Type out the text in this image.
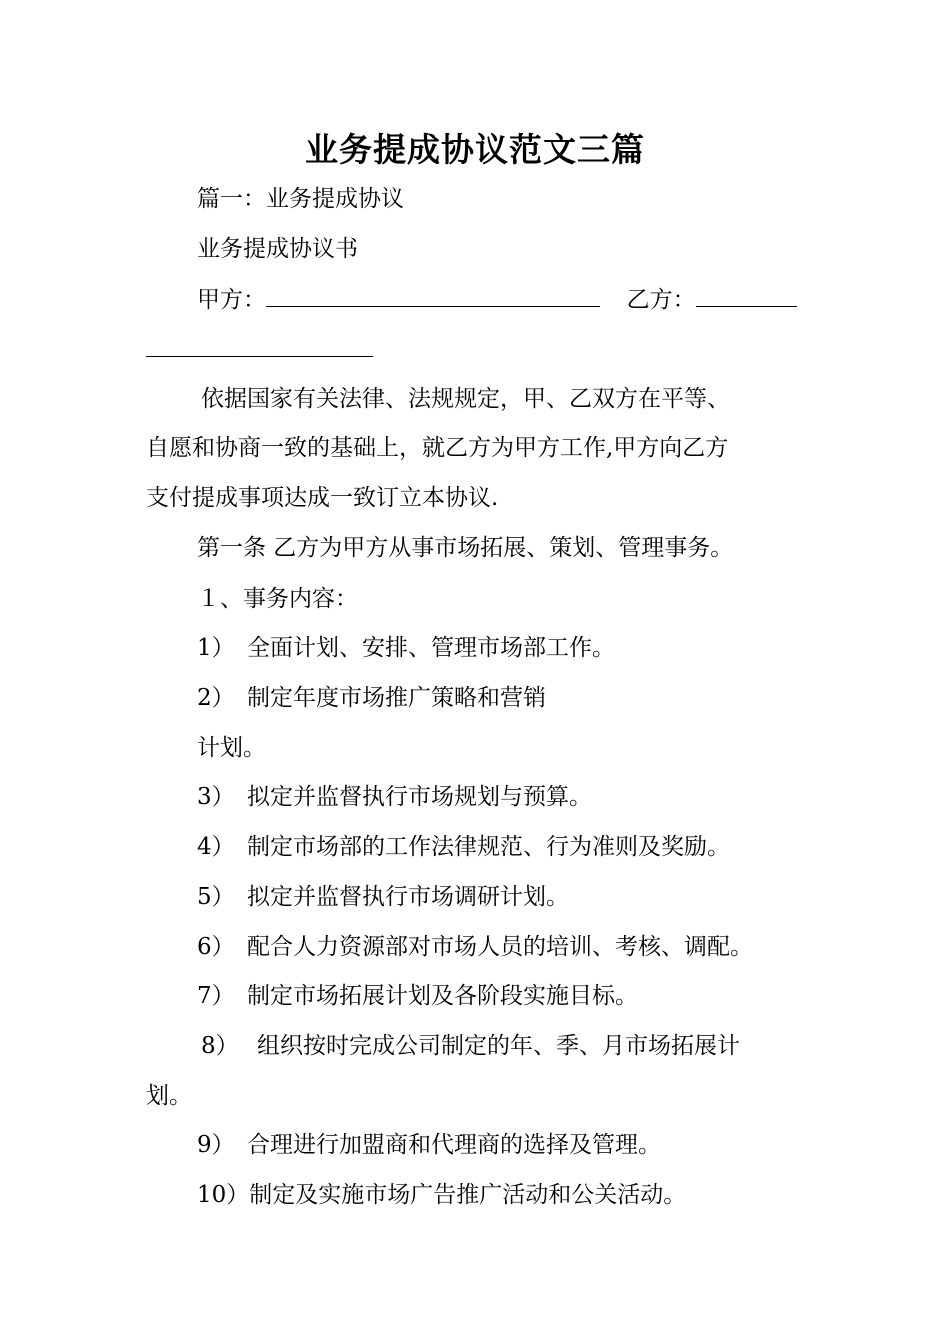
业务提成协议范文三篇
篇一：业务提成协议
业务提成协议书
甲方：	乙方：
依据国家有关法律、法规规定，甲、乙双方在平等、
自愿和协商一致的基础上，就乙方为甲方工作,甲方向乙方
支付提成事项达成一致订立本协议.
第一条 乙方为甲方从事市场拓展、策划、管理事务。
１、事务内容：
1） 全面计划、安排、管理市场部工作。
2） 制定年度市场推广策略和营销
计划。
3） 拟定并监督执行市场规划与预算。
4） 制定市场部的工作法律规范、行为准则及奖励。
5） 拟定并监督执行市场调研计划。
6） 配合人力资源部对市场人员的培训、考核、调配。
7） 制定市场拓展计划及各阶段实施目标。
8） 组织按时完成公司制定的年、季、月市场拓展计
划。
9） 合理进行加盟商和代理商的选择及管理。
10）制定及实施市场广告推广活动和公关活动。
